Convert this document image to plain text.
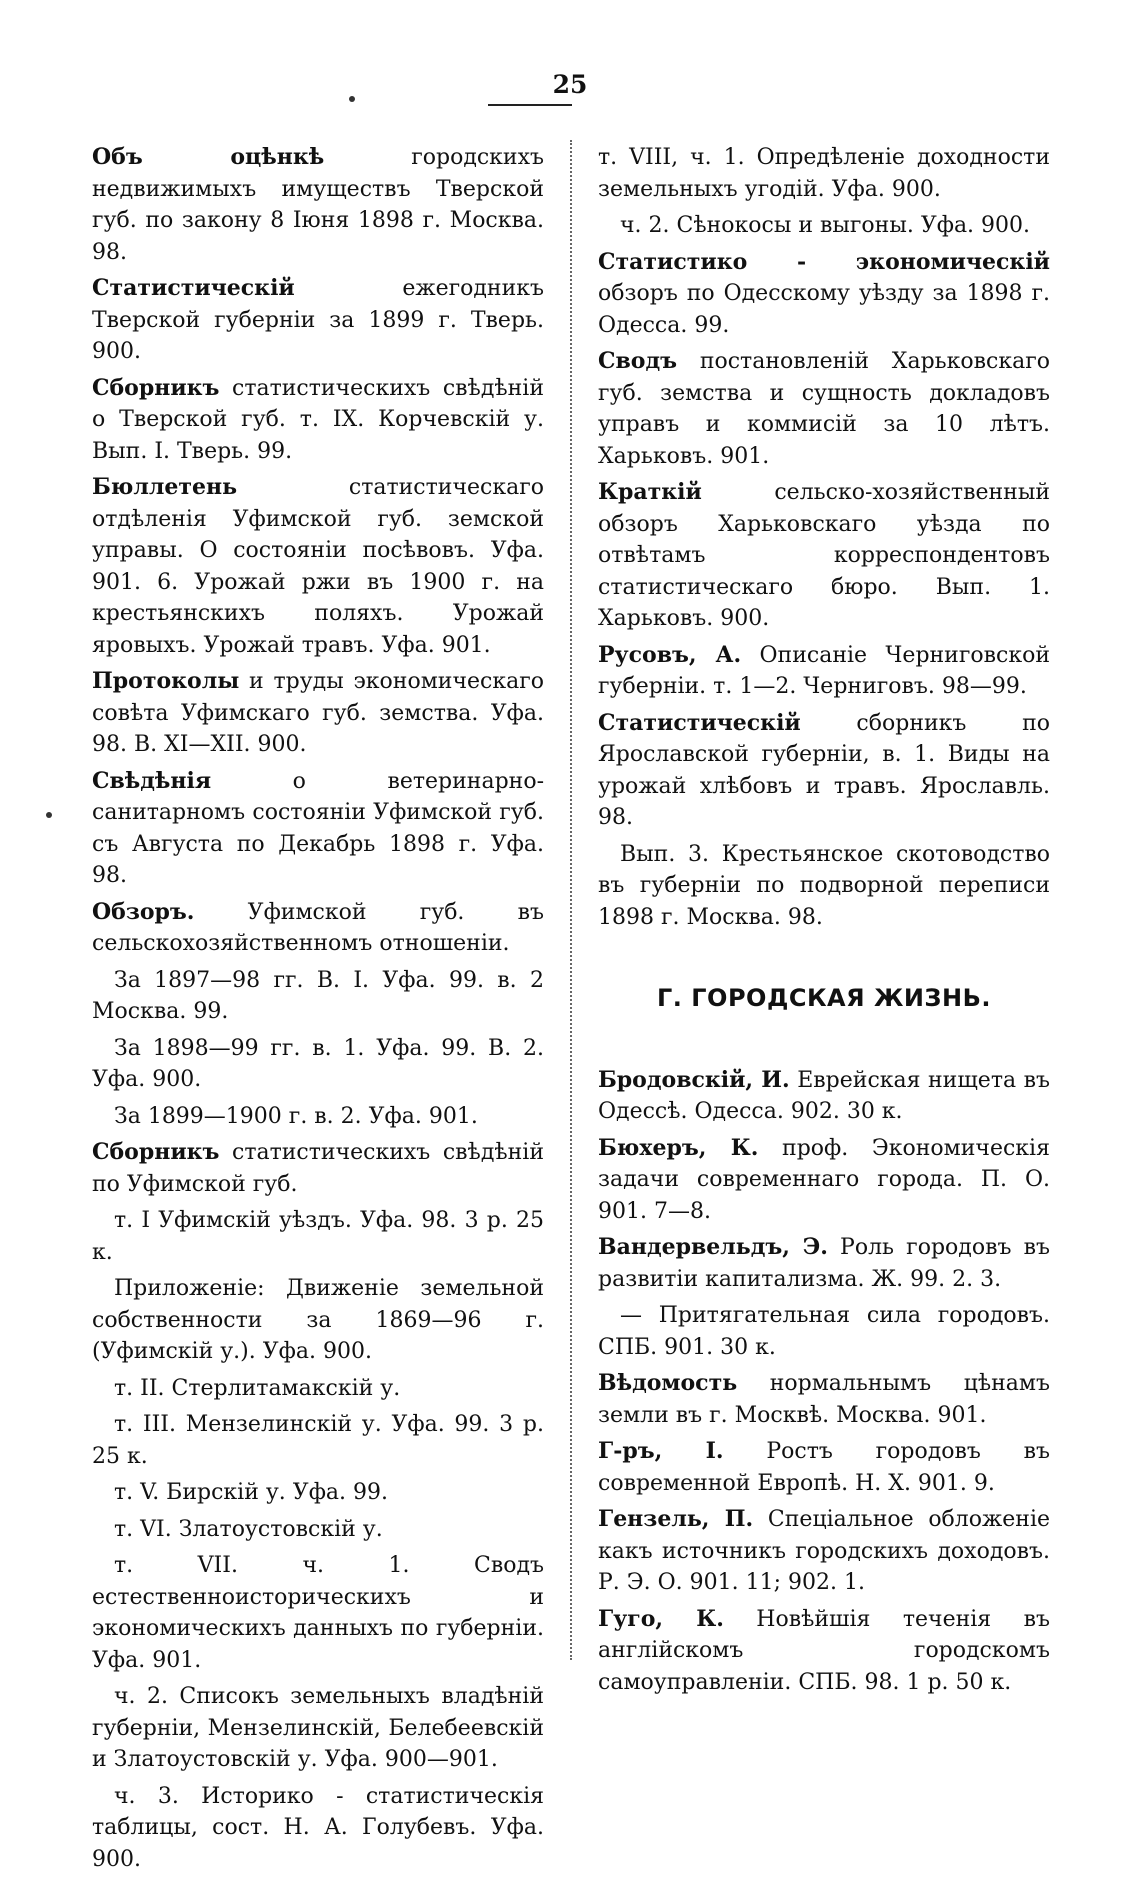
25
Объ оцѣнкѣ городскихъ недвижимыхъ имуществъ Тверской губ. по закону 8 Іюня 1898 г. Москва. 98.
Статистическій ежегодникъ Тверской губерніи за 1899 г. Тверь. 900.
Сборникъ статистическихъ свѣдѣній о Тверской губ. т. IX. Корчевскій у. Вып. I. Тверь. 99.
Бюллетень статистическаго отдѣленія Уфимской губ. земской управы. О состояніи посѣвовъ. Уфа. 901. 6. Урожай ржи въ 1900 г. на крестьянскихъ поляхъ. Урожай яровыхъ. Урожай травъ. Уфа. 901.
Протоколы и труды экономическаго совѣта Уфимскаго губ. земства. Уфа. 98. В. XI—XII. 900.
Свѣдѣнія о ветеринарно-санитарномъ состояніи Уфимской губ. съ Августа по Декабрь 1898 г. Уфа. 98.
Обзоръ. Уфимской губ. въ сельскохозяйственномъ отношеніи.
За 1897—98 гг. В. I. Уфа. 99. в. 2 Москва. 99.
За 1898—99 гг. в. 1. Уфа. 99. В. 2. Уфа. 900.
За 1899—1900 г. в. 2. Уфа. 901.
Сборникъ статистическихъ свѣдѣній по Уфимской губ.
т. I Уфимскій уѣздъ. Уфа. 98. 3 р. 25 к.
Приложеніе: Движеніе земельной собственности за 1869—96 г. (Уфимскій у.). Уфа. 900.
т. II. Стерлитамакскій у.
т. III. Мензелинскій у. Уфа. 99. 3 р. 25 к.
т. V. Бирскій у. Уфа. 99.
т. VI. Златоустовскій у.
т. VII. ч. 1. Сводъ естественноисторическихъ и экономическихъ данныхъ по губерніи. Уфа. 901.
ч. 2. Списокъ земельныхъ владѣній губерніи, Мензелинскій, Белебеевскій и Златоустовскій у. Уфа. 900—901.
ч. 3. Историко - статистическія таблицы, сост. Н. А. Голубевъ. Уфа. 900.
т. VIII, ч. 1. Опредѣленіе доходности земельныхъ угодій. Уфа. 900.
ч. 2. Сѣнокосы и выгоны. Уфа. 900.
Статистико - экономическій обзоръ по Одесскому уѣзду за 1898 г. Одесса. 99.
Сводъ постановленій Харьковскаго губ. земства и сущность докладовъ управъ и коммисій за 10 лѣтъ. Харьковъ. 901.
Краткій сельско-хозяйственный обзоръ Харьковскаго уѣзда по отвѣтамъ корреспондентовъ статистическаго бюро. Вып. 1. Харьковъ. 900.
Русовъ, А. Описаніе Черниговской губерніи. т. 1—2. Черниговъ. 98—99.
Статистическій сборникъ по Ярославской губерніи, в. 1. Виды на урожай хлѣбовъ и травъ. Ярославль. 98.
Вып. 3. Крестьянское скотоводство въ губерніи по подворной переписи 1898 г. Москва. 98.
Г. ГОРОДСКАЯ ЖИЗНЬ.
Бродовскій, И. Еврейская нищета въ Одессѣ. Одесса. 902. 30 к.
Бюхеръ, К. проф. Экономическія задачи современнаго города. П. О. 901. 7—8.
Вандервельдъ, Э. Роль городовъ въ развитіи капитализма. Ж. 99. 2. 3.
— Притягательная сила городовъ. СПБ. 901. 30 к.
Вѣдомость нормальнымъ цѣнамъ земли въ г. Москвѣ. Москва. 901.
Г-ръ, І. Ростъ городовъ въ современной Европѣ. Н. Х. 901. 9.
Гензель, П. Спеціальное обложеніе какъ источникъ городскихъ доходовъ. Р. Э. О. 901. 11; 902. 1.
Гуго, К. Новѣйшія теченія въ англійскомъ городскомъ самоуправленіи. СПБ. 98. 1 р. 50 к.
